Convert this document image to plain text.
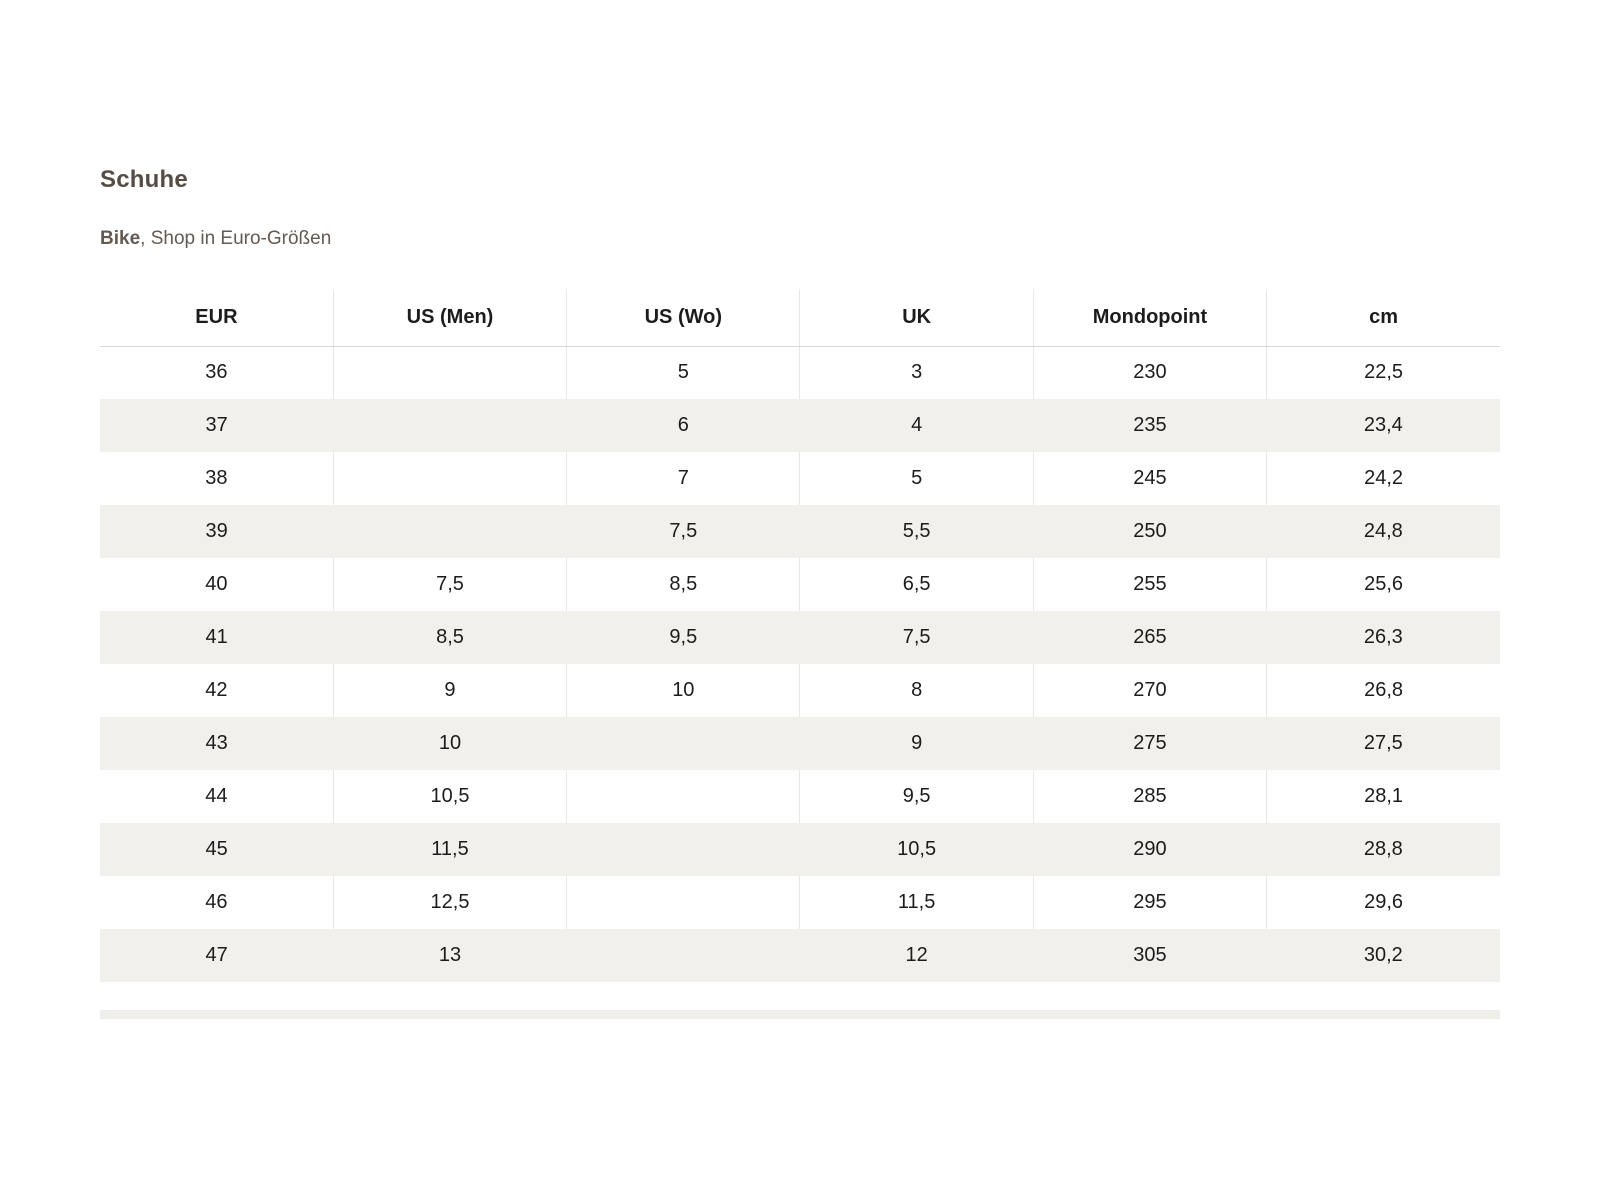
Schuhe

Bike, Shop in Euro-Größen

EUR	US (Men)	US (Wo)	UK	Mondopoint	cm
36		5	3	230	22,5
37		6	4	235	23,4
38		7	5	245	24,2
39		7,5	5,5	250	24,8
40	7,5	8,5	6,5	255	25,6
41	8,5	9,5	7,5	265	26,3
42	9	10	8	270	26,8
43	10		9	275	27,5
44	10,5		9,5	285	28,1
45	11,5		10,5	290	28,8
46	12,5		11,5	295	29,6
47	13		12	305	30,2
